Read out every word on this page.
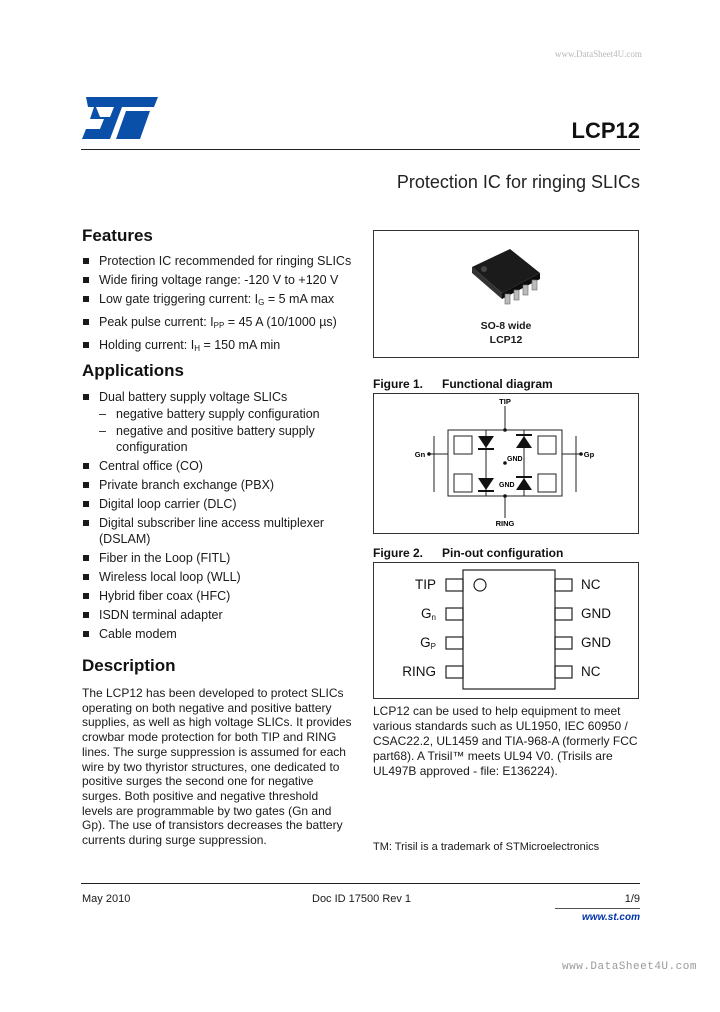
www.DataSheet4U.com
LCP12
Protection IC for ringing SLICs
Features
Protection IC recommended for ringing SLICs
Wide firing voltage range: -120 V to +120 V
Low gate triggering current: $I_G = 5$ mA max
Peak pulse current: $I_{PP} = 45$ A (10/1000 µs)
Holding current: $I_H = 150$ mA min
Applications
Dual battery supply voltage SLICs
– negative battery supply configuration
– negative and positive battery supply configuration
Central office (CO)
Private branch exchange (PBX)
Digital loop carrier (DLC)
Digital subscriber line access multiplexer (DSLAM)
Fiber in the Loop (FITL)
Wireless local loop (WLL)
Hybrid fiber coax (HFC)
ISDN terminal adapter
Cable modem
Description
The LCP12 has been developed to protect SLICs operating on both negative and positive battery supplies, as well as high voltage SLICs. It provides crowbar mode protection for both TIP and RING lines. The surge suppression is assumed for each wire by two thyristor structures, one dedicated to positive surges the second one for negative surges. Both positive and negative threshold levels are programmable by two gates (Gn and Gp). The use of transistors decreases the battery currents during surge suppression.
SO-8 wide
LCP12
Figure 1. Functional diagram
TIP
RING
Gn	Gp
GND
GND
Figure 2. Pin-out configuration
TIP
$G_n$
$G_P$
RING
NC
GND
GND
NC
LCP12 can be used to help equipment to meet various standards such as UL1950, IEC 60950 / CSAC22.2, UL1459 and TIA-968-A (formerly FCC part68). A Trisil™ meets UL94 V0. (Trisils are UL497B approved - file: E136224).
TM: Trisil is a trademark of STMicroelectronics
May 2010	Doc ID 17500 Rev 1	1/9
www.st.com
www.DataSheet4U.com
